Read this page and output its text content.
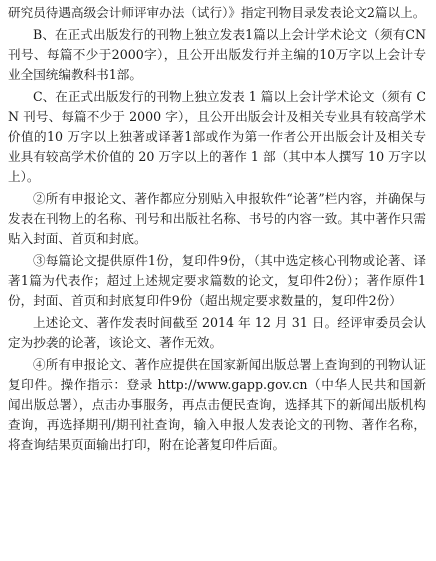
研究员待遇高级会计师评审办法（试行）》指定刊物目录发表论文2篇以上。

B、在正式出版发行的刊物上独立发表1篇以上会计学术论文（须有CN刊号、每篇不少于2000字），且公开出版发行并主编的10万字以上会计专业全国统编教科书1部。

C、在正式出版发行的刊物上独立发表 1 篇以上会计学术论文（须有 CN 刊号、每篇不少于 2000 字），且公开出版会计及相关专业具有较高学术价值的10 万字以上独著或译著1部或作为第一作者公开出版会计及相关专业具有较高学术价值的 20 万字以上的著作 1 部（其中本人撰写 10 万字以上）。

②所有申报论文、著作都应分别贴入申报软件“论著”栏内容，并确保与发表在刊物上的名称、刊号和出版社名称、书号的内容一致。其中著作只需贴入封面、首页和封底。

③每篇论文提供原件1份，复印件9份，（其中选定核心刊物或论著、译著1篇为代表作；超过上述规定要求篇数的论文，复印件2份）；著作原件1份，封面、首页和封底复印件9份（超出规定要求数量的，复印件2份）

上述论文、著作发表时间截至 2014 年 12 月 31 日。经评审委员会认定为抄袭的论著，该论文、著作无效。

④所有申报论文、著作应提供在国家新闻出版总署上查询到的刊物认证复印件。操作指示：登录 http://www.gapp.gov.cn（中华人民共和国新闻出版总署），点击办事服务，再点击便民查询，选择其下的新闻出版机构查询，再选择期刊/期刊社查询，输入申报人发表论文的刊物、著作名称，将查询结果页面输出打印，附在论著复印件后面。
